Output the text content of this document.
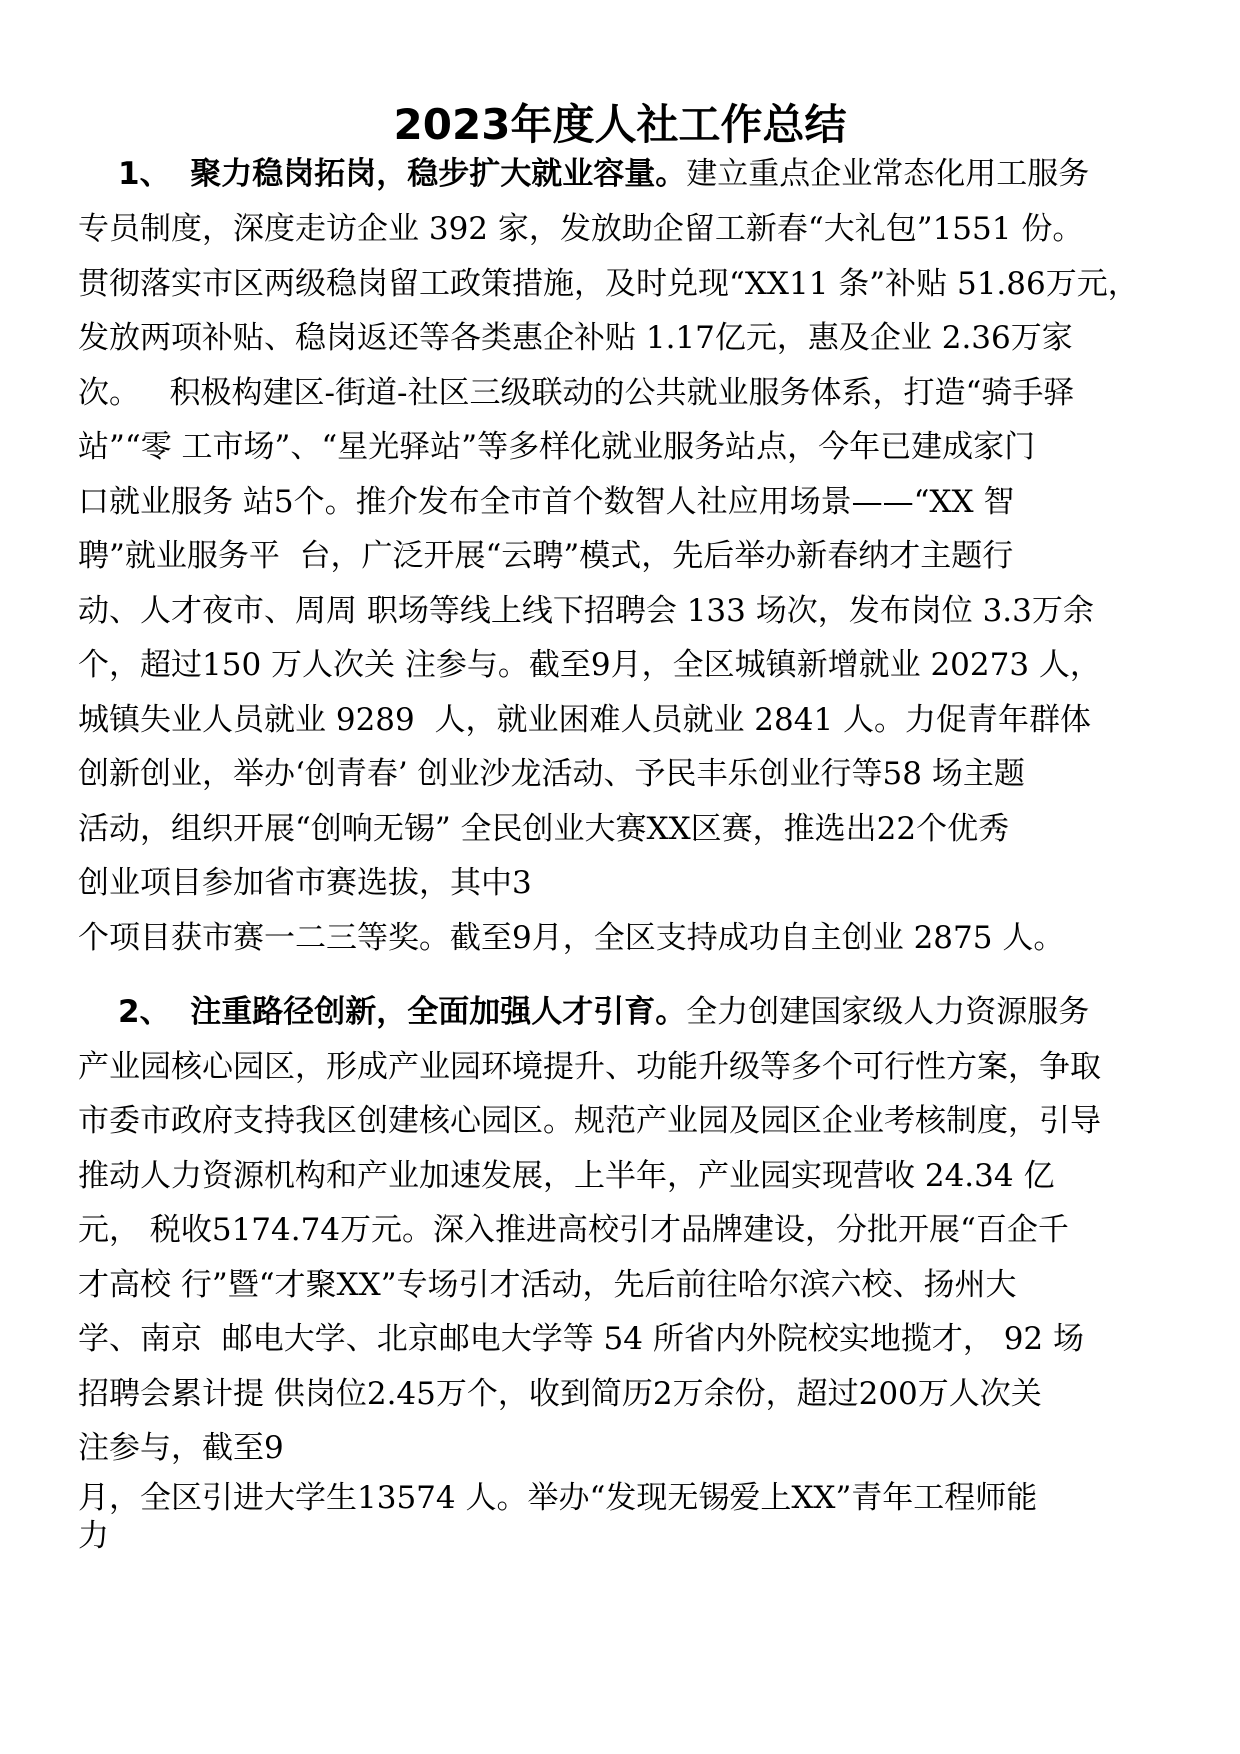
2023年度人社工作总结
1、 聚力稳岗拓岗，稳步扩大就业容量。建立重点企业常态化用工服务
专员制度，深度走访企业 392 家，发放助企留工新春“大礼包”1551 份。
贯彻落实市区两级稳岗留工政策措施，及时兑现“XX11 条”补贴 51.86万元，
发放两项补贴、稳岗返还等各类惠企补贴 1.17亿元，惠及企业 2.36万家
次。   积极构建区-街道-社区三级联动的公共就业服务体系，打造“骑手驿
站”“零 工市场”、“星光驿站”等多样化就业服务站点，今年已建成家门
口就业服务 站5个。推介发布全市首个数智人社应用场景——“XX 智
聘”就业服务平  台，广泛开展“云聘”模式，先后举办新春纳才主题行
动、人才夜市、周周 职场等线上线下招聘会 133 场次，发布岗位 3.3万余
个，超过150 万人次关 注参与。截至9月，全区城镇新增就业 20273 人，
城镇失业人员就业 9289  人，就业困难人员就业 2841 人。力促青年群体
创新创业，举办‘创青春’ 创业沙龙活动、予民丰乐创业行等58 场主题
活动，组织开展“创响无锡” 全民创业大赛XX区赛，推选出22个优秀
创业项目参加省市赛选拔，其中3
个项目获市赛一二三等奖。截至9月，全区支持成功自主创业 2875 人。
2、 注重路径创新，全面加强人才引育。全力创建国家级人力资源服务
产业园核心园区，形成产业园环境提升、功能升级等多个可行性方案，争取
市委市政府支持我区创建核心园区。规范产业园及园区企业考核制度，引导
推动人力资源机构和产业加速发展，上半年，产业园实现营收 24.34 亿
元， 税收5174.74万元。深入推进高校引才品牌建设，分批开展“百企千
才高校 行”暨“才聚XX”专场引才活动，先后前往哈尔滨六校、扬州大
学、南京  邮电大学、北京邮电大学等 54 所省内外院校实地揽才， 92 场
招聘会累计提 供岗位2.45万个，收到简历2万余份，超过200万人次关
注参与，截至9
月，全区引进大学生13574 人。举办“发现无锡爱上XX”青年工程师能
力
